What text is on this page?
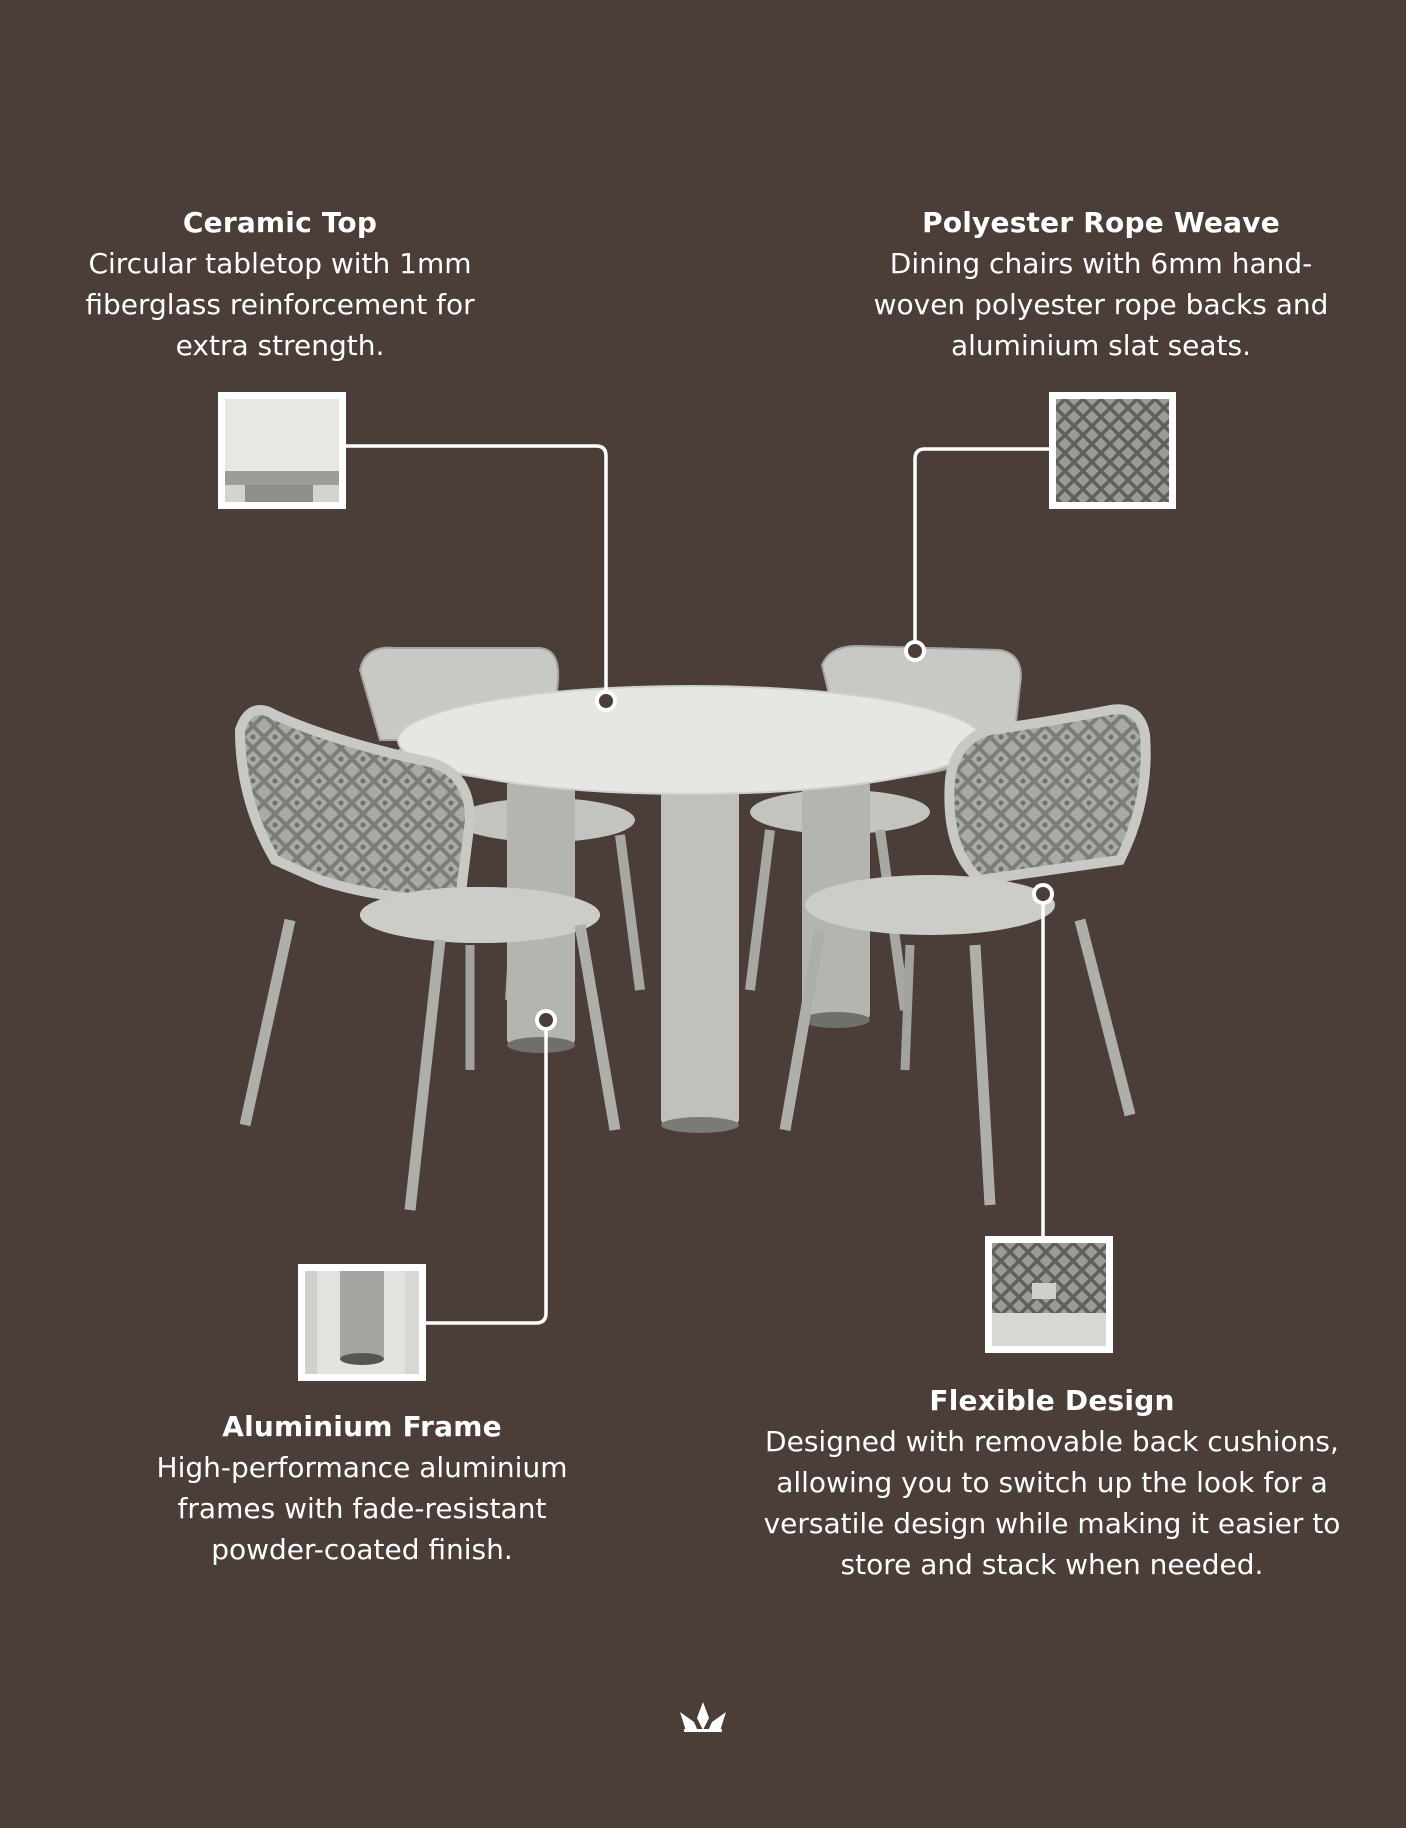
Ceramic Top
Circular tabletop with 1mm fiberglass reinforcement for extra strength.
Polyester Rope Weave
Dining chairs with 6mm hand-woven polyester rope backs and aluminium slat seats.
Aluminium Frame
High-performance aluminium frames with fade-resistant powder-coated finish.
Flexible Design
Designed with removable back cushions, allowing you to switch up the look for a versatile design while making it easier to store and stack when needed.
